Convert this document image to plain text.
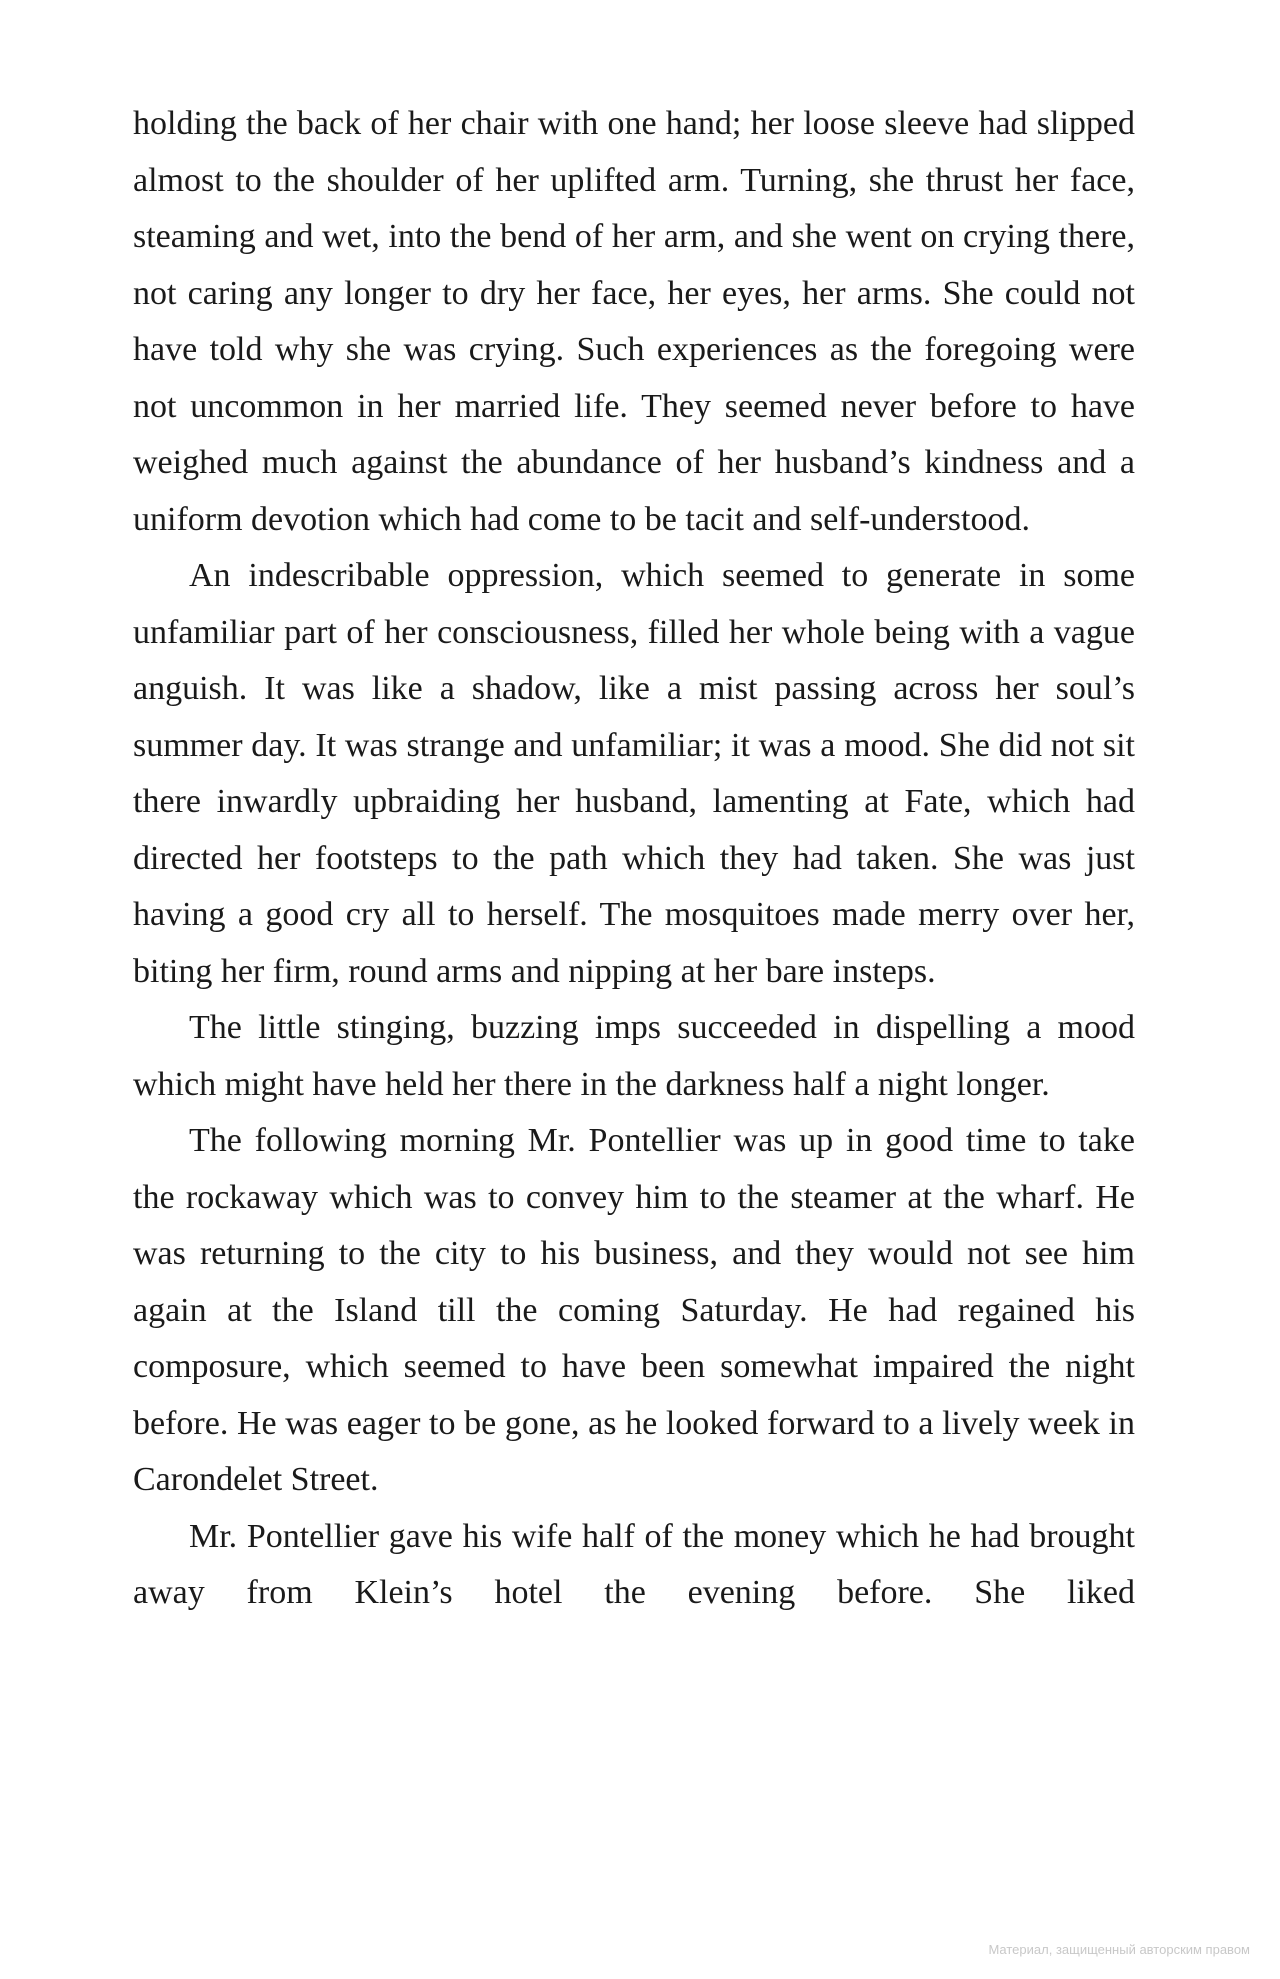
holding the back of her chair with one hand; her loose sleeve had slipped almost to the shoulder of her uplifted arm. Turning, she thrust her face, steaming and wet, into the bend of her arm, and she went on crying there, not caring any longer to dry her face, her eyes, her arms. She could not have told why she was crying. Such experiences as the foregoing were not uncommon in her married life. They seemed never before to have weighed much against the abundance of her husband’s kindness and a uniform devotion which had come to be tacit and self-understood.

An indescribable oppression, which seemed to generate in some unfamiliar part of her consciousness, filled her whole being with a vague anguish. It was like a shadow, like a mist passing across her soul’s summer day. It was strange and unfamiliar; it was a mood. She did not sit there inwardly upbraiding her husband, lamenting at Fate, which had directed her footsteps to the path which they had taken. She was just having a good cry all to herself. The mosquitoes made merry over her, biting her firm, round arms and nipping at her bare insteps.

The little stinging, buzzing imps succeeded in dispelling a mood which might have held her there in the darkness half a night longer.

The following morning Mr. Pontellier was up in good time to take the rockaway which was to convey him to the steamer at the wharf. He was returning to the city to his business, and they would not see him again at the Island till the coming Saturday. He had regained his composure, which seemed to have been somewhat impaired the night before. He was eager to be gone, as he looked forward to a lively week in Carondelet Street.

Mr. Pontellier gave his wife half of the money which he had brought away from Klein’s hotel the evening before. She liked

Материал, защищенный авторским правом
